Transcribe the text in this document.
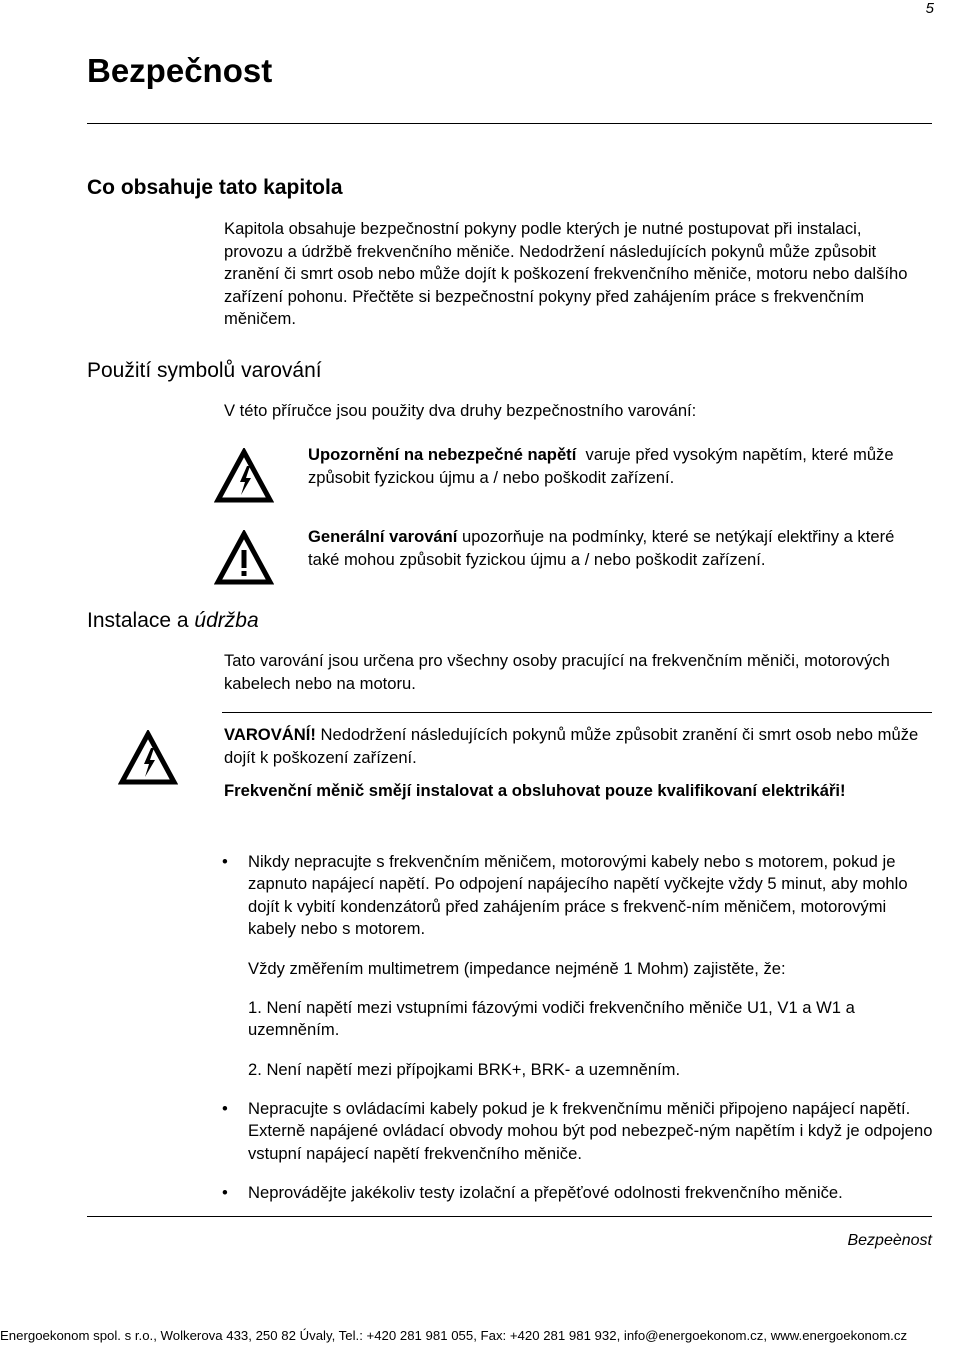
5
Bezpečnost
Co obsahuje tato kapitola

Kapitola obsahuje bezpečnostní pokyny podle kterých je nutné postupovat při instalaci, provozu a údržbě frekvenčního měniče. Nedodržení následujících pokynů může způsobit zranění či smrt osob nebo může dojít k poškození frekvenčního měniče, motoru nebo dalšího zařízení pohonu. Přečtěte si bezpečnostní pokyny před zahájením práce s frekvenčním měničem.

Použití symbolů varování
V této příručce jsou použity dva druhy bezpečnostního varování:

Upozornění na nebezpečné napětí varuje před vysokým napětím, které může způsobit fyzickou újmu a / nebo poškodit zařízení.

Generální varování upozorňuje na podmínky, které se netýkají elektřiny a které také mohou způsobit fyzickou újmu a / nebo poškodit zařízení.

Instalace a údržba
Tato varování jsou určena pro všechny osoby pracující na frekvenčním měniči, motorových kabelech nebo na motoru.

VAROVÁNÍ! Nedodržení následujících pokynů může způsobit zranění či smrt osob nebo může dojít k poškození zařízení.

Frekvenční měnič smějí instalovat a obsluhovat pouze kvalifikovaní elektrikáři!
• Nikdy nepracujte s frekvenčním měničem, motorovými kabely nebo s motorem, pokud je zapnuto napájecí napětí. Po odpojení napájecího napětí vyčkejte vždy 5 minut, aby mohlo dojít k vybití kondenzátorů před zahájením práce s frekvenč-ním měničem, motorovými kabely nebo s motorem.

Vždy změřením multimetrem (impedance nejméně 1 Mohm) zajistěte, že:

1. Není napětí mezi vstupními fázovými vodiči frekvenčního měniče U1, V1 a W1 a uzemněním.

2. Není napětí mezi přípojkami BRK+, BRK- a uzemněním.

• Nepracujte s ovládacími kabely pokud je k frekvenčnímu měniči připojeno napájecí napětí. Externě napájené ovládací obvody mohou být pod nebezpeč-ným napětím i když je odpojeno vstupní napájecí napětí frekvenčního měniče.

• Neprovádějte jakékoliv testy izolační a přepěťové odolnosti frekvenčního měniče.

Bezpeènost
Energoekonom spol. s r.o., Wolkerova 433, 250 82 Úvaly, Tel.: +420 281 981 055, Fax: +420 281 981 932, info@energoekonom.cz, www.energoekonom.cz
